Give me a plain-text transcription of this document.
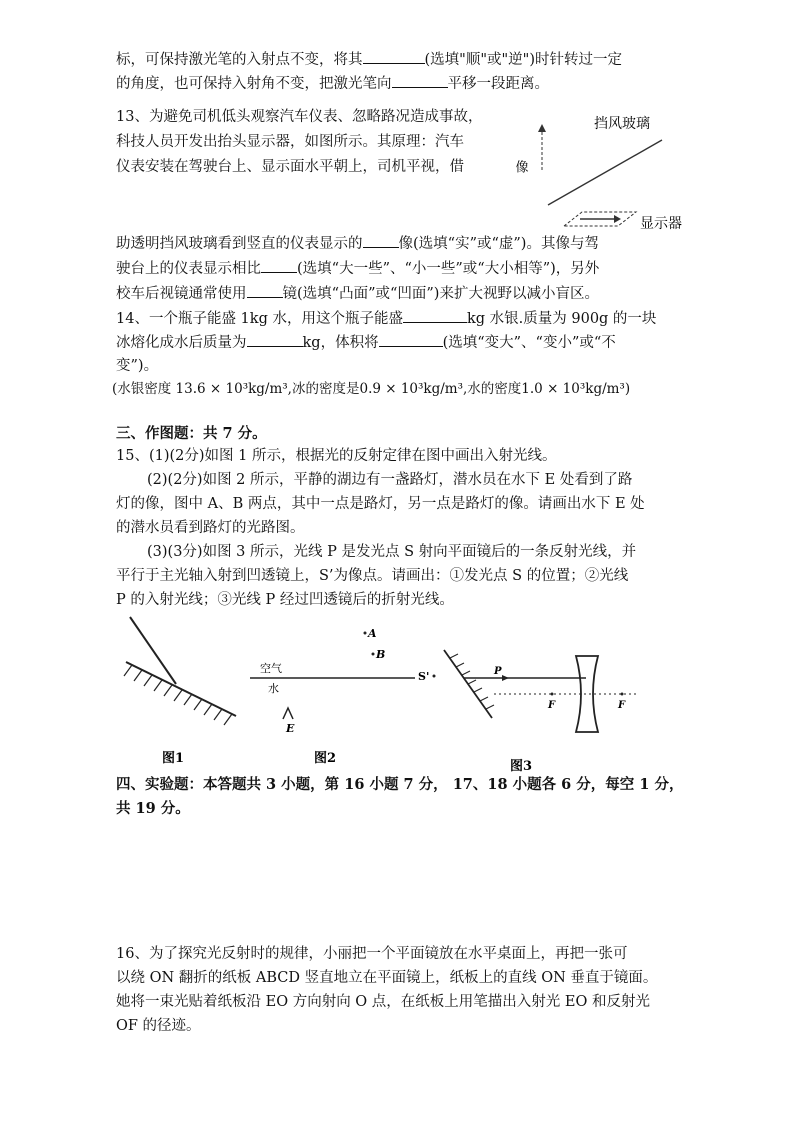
标，可保持激光笔的入射点不变，将其	(选填"顺"或"逆")时针转过一定
的角度，也可保持入射角不变，把激光笔向	平移一段距离。
13、为避免司机低头观察汽车仪表、忽略路况造成事故，
科技人员开发出抬头显示器，如图所示。其原理：汽车
仪表安装在驾驶台上、显示面水平朝上，司机平视，借
挡风玻璃
像
显示器
助透明挡风玻璃看到竖直的仪表显示的 像(选填“实”或“虚”)。其像与驾
驶台上的仪表显示相比 (选填“大一些”、“小一些”或“大小相等”)，另外
校车后视镜通常使用 镜(选填“凸面”或“凹面”)来扩大视野以减小盲区。
14、一个瓶子能盛 1kg 水，用这个瓶子能盛	kg 水银.质量为 900g 的一块
冰熔化成水后质量为	kg，体积将	(选填“变大”、“变小”或“不
变”)。
(水银密度 13.6 × 10³kg/m³,冰的密度是0.9 × 10³kg/m³,水的密度1.0 × 10³kg/m³)
三、作图题：共 7 分。
15、(1)(2分)如图 1 所示，根据光的反射定律在图中画出入射光线。
(2)(2分)如图 2 所示，平静的湖边有一盏路灯，潜水员在水下 E 处看到了路
灯的像，图中 A、B 两点，其中一点是路灯，另一点是路灯的像。请画出水下 E 处
的潜水员看到路灯的光路图。
(3)(3分)如图 3 所示，光线 P 是发光点 S 射向平面镜后的一条反射光线，并
平行于主光轴入射到凹透镜上，S’为像点。请画出：①发光点 S 的位置；②光线
P 的入射光线；③光线 P 经过凹透镜后的折射光线。
图1
A
B
空气
水
E
图2
S'	P
F	F
图3
四、实验题：本答题共 3 小题，第 16 小题 7 分， 17、18 小题各 6 分，每空 1 分，
共 19 分。
16、为了探究光反射时的规律，小丽把一个平面镜放在水平桌面上，再把一张可
以绕 ON 翻折的纸板 ABCD 竖直地立在平面镜上，纸板上的直线 ON 垂直于镜面。
她将一束光贴着纸板沿 EO 方向射向 O 点，在纸板上用笔描出入射光 EO 和反射光
OF 的径迹。
